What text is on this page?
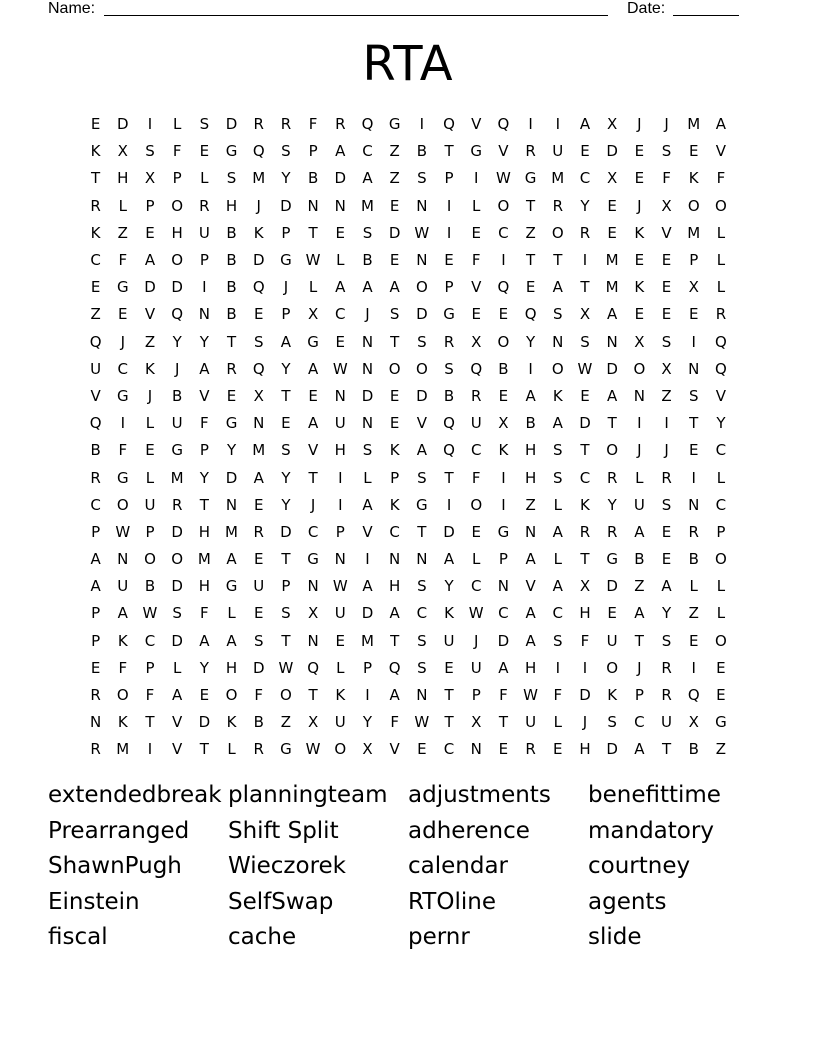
Name:	Date:
RTA
E	D	I	L	S	D	R	R	F	R	Q	G	I	Q	V	Q	I	I	A	X	J	J	M	A
K	X	S	F	E	G	Q	S	P	A	C	Z	B	T	G	V	R	U	E	D	E	S	E	V
T	H	X	P	L	S	M	Y	B	D	A	Z	S	P	I	W G M	C	X	E	F	K	F
R	L	P	O	R	H	J	D	N	N	M	E	N	I	L	O	T	R	Y	E	J	X	O	O
K	Z	E	H	U	B	K	P	T	E	S	D W	I	E	C	Z	O	R	E	K	V	M	L
C	F	A	O	P	B	D	G W	L	B	E	N	E	F	I	T	T	I	M	E	E	P	L
E	G	D	D	I	B	Q	J	L	A	A	A	O	P	V	Q	E	A	T	M	K	E	X	L
Z	E	V	Q	N	B	E	P	X	C	J	S	D	G	E	E	Q	S	X	A	E	E	E	R
Q	J	Z	Y	Y	T	S	A	G	E	N	T	S	R	X	O	Y	N	S	N	X	S	I	Q
U	C	K	J	A	R	Q	Y	A W N	O	O	S	Q	B	I	O W D	O	X	N	Q
V	G	J	B	V	E	X	T	E	N	D	E	D	B	R	E	A	K	E	A	N	Z	S	V
Q	I	L	U	F	G	N	E	A	U	N	E	V	Q	U	X	B	A	D	T	I	I	T	Y
B	F	E	G	P	Y	M	S	V	H	S	K	A	Q	C	K	H	S	T	O	J	J	E	C
R	G	L	M	Y	D	A	Y	T	I	L	P	S	T	F	I	H	S	C	R	L	R	I	L
C	O	U	R	T	N	E	Y	J	I	A	K	G	I	O	I	Z	L	K	Y	U	S	N	C
P	W	P	D	H	M	R	D	C	P	V	C	T	D	E	G	N	A	R	R	A	E	R	P
A	N	O	O M	A	E	T	G	N	I	N	N	A	L	P	A	L	T	G	B	E	B	O
A	U	B	D	H	G	U	P	N W A	H	S	Y	C	N	V	A	X	D	Z	A	L	L
P	A W	S	F	L	E	S	X	U	D	A	C	K W C	A	C	H	E	A	Y	Z	L
P	K	C	D	A	A	S	T	N	E	M	T	S	U	J	D	A	S	F	U	T	S	E	O
E	F	P	L	Y	H	D W Q	L	P	Q	S	E	U	A	H	I	I	O	J	R	I	E
R	O	F	A	E	O	F	O	T	K	I	A	N	T	P	F	W	F	D	K	P	R	Q	E
N	K	T	V	D	K	B	Z	X	U	Y	F	W	T	X	T	U	L	J	S	C	U	X	G
R	M	I	V	T	L	R	G W O	X	V	E	C	N	E	R	E	H	D	A	T	B	Z
extendedbreak planningteam adjustments	benefittime
Prearranged	Shift Split	adherence	mandatory
ShawnPugh	Wieczorek	calendar	courtney
Einstein	SelfSwap	RTOline	agents
fiscal	cache	pernr	slide
